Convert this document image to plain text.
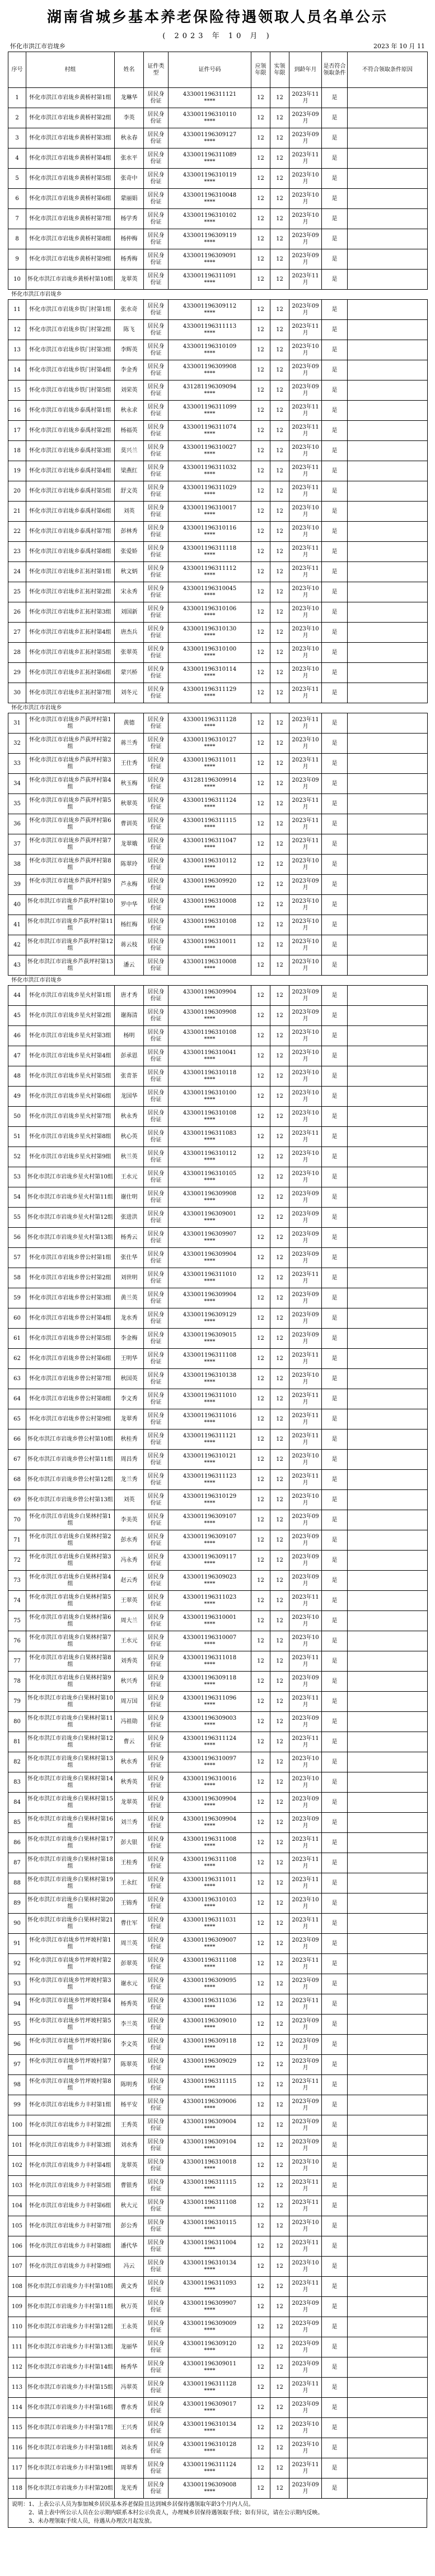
湖南省城乡基本养老保险待遇领取人员名单公示
( 2023 年 10 月 )
怀化市洪江市岩垅乡	2023 年 10 月 11
序号	村组	姓名	证件类型	证件号码	应领年限	实领年限	到龄年月	是否符合领取条件	不符合领取条件原因
1	怀化市洪江市岩垅乡黄桥村第1组	龙琳华	居民身份证	433001196311121
****	12	12	2023年11月	是	
2	怀化市洪江市岩垅乡黄桥村第2组	李英	居民身份证	433001196310110
****	12	12	2023年09月	是	
3	怀化市洪江市岩垅乡黄桥村第3组	秋永春	居民身份证	433001196309127
****	12	12	2023年09月	是	
4	怀化市洪江市岩垅乡黄桥村第4组	张水平	居民身份证	433001196311089
****	12	12	2023年11月	是	
5	怀化市洪江市岩垅乡黄桥村第5组	张奇中	居民身份证	433001196310119
****	12	12	2023年10月	是	
6	怀化市洪江市岩垅乡黄桥村第6组	蒙丽娟	居民身份证	433001196310048
****	12	12	2023年10月	是	
7	怀化市洪江市岩垅乡黄桥村第7组	杨学秀	居民身份证	433001196310102
****	12	12	2023年10月	是	
8	怀化市洪江市岩垅乡黄桥村第8组	杨仲梅	居民身份证	433001196309119
****	12	12	2023年09月	是	
9	怀化市洪江市岩垅乡黄桥村第9组	杨秀梅	居民身份证	433001196309091
****	12	12	2023年09月	是	
10	怀化市洪江市岩垅乡黄桥村第10组	龙翠英	居民身份证	433001196311091
****	12	12	2023年11月	是	
怀化市洪江市岩垅乡									
11	怀化市洪江市岩垅乡铁门村第1组	张水奇	居民身份证	433001196309112
****	12	12	2023年09月	是	
12	怀化市洪江市岩垅乡铁门村第2组	陈飞	居民身份证	433001196311113
****	12	12	2023年11月	是	
13	怀化市洪江市岩垅乡铁门村第3组	李辉英	居民身份证	433001196310109
****	12	12	2023年10月	是	
14	怀化市洪江市岩垅乡铁门村第4组	李金秀	居民身份证	433001196309908
****	12	12	2023年09月	是	
15	怀化市洪江市岩垅乡铁门村第5组	刘荣英	居民身份证	431281196309094
****	12	12	2023年09月	是	
16	怀化市洪江市岩垅乡泰禹村第1组	秋永求	居民身份证	433001196311099
****	12	12	2023年11月	是	
17	怀化市洪江市岩垅乡泰禹村第2组	杨福英	居民身份证	433001196311074
****	12	12	2023年11月	是	
18	怀化市洪江市岩垅乡泰禹村第3组	莫兴兰	居民身份证	433001196310027
****	12	12	2023年10月	是	
19	怀化市洪江市岩垅乡泰禹村第4组	梁燕红	居民身份证	433001196311032
****	12	12	2023年11月	是	
20	怀化市洪江市岩垅乡泰禹村第5组	舒文英	居民身份证	433001196311029
****	12	12	2023年11月	是	
21	怀化市洪江市岩垅乡泰禹村第6组	刘英	居民身份证	433001196310017
****	12	12	2023年10月	是	
22	怀化市洪江市岩垅乡泰禹村第7组	彭林秀	居民身份证	433001196310116
****	12	12	2023年10月	是	
23	怀化市洪江市岩垅乡泰禹村第8组	张爱娇	居民身份证	433001196311118
****	12	12	2023年11月	是	
24	怀化市洪江市岩垅乡汇拓村第1组	秋文炳	居民身份证	433001196311112
****	12	12	2023年11月	是	
25	怀化市洪江市岩垅乡汇拓村第2组	宋永秀	居民身份证	433001196310045
****	12	12	2023年10月	是	
26	怀化市洪江市岩垅乡汇拓村第3组	刘国新	居民身份证	433001196310106
****	12	12	2023年10月	是	
27	怀化市洪江市岩垅乡汇拓村第4组	唐杰兵	居民身份证	433001196310130
****	12	12	2023年10月	是	
28	怀化市洪江市岩垅乡汇拓村第5组	张翠英	居民身份证	433001196310100
****	12	12	2023年10月	是	
29	怀化市洪江市岩垅乡汇拓村第6组	蒙兴桥	居民身份证	433001196310114
****	12	12	2023年10月	是	
30	怀化市洪江市岩垅乡汇拓村第7组	刘冬元	居民身份证	433001196311129
****	12	12	2023年11月	是	
怀化市洪江市岩垅乡									
31	怀化市洪江市岩垅乡芦荻坪村第1组	黄德	居民身份证	433001196311128
****	12	12	2023年11月	是	
32	怀化市洪江市岩垅乡芦荻坪村第2组	蒋兰秀	居民身份证	433001196310127
****	12	12	2023年10月	是	
33	怀化市洪江市岩垅乡芦荻坪村第3组	王仕秀	居民身份证	433001196311011
****	12	12	2023年11月	是	
34	怀化市洪江市岩垅乡芦荻坪村第4组	秋玉梅	居民身份证	431281196309914
****	12	12	2023年09月	是	
35	怀化市洪江市岩垅乡芦荻坪村第5组	秋翠英	居民身份证	433001196311124
****	12	12	2023年11月	是	
36	怀化市洪江市岩垅乡芦荻坪村第6组	曹训英	居民身份证	433001196311115
****	12	12	2023年11月	是	
37	怀化市洪江市岩垅乡芦荻坪村第7组	龙翠娥	居民身份证	433001196311047
****	12	12	2023年11月	是	
38	怀化市洪江市岩垅乡芦荻坪村第8组	陈翠玲	居民身份证	433001196310112
****	12	12	2023年10月	是	
39	怀化市洪江市岩垅乡芦荻坪村第9组	芦永梅	居民身份证	433001196309920
****	12	12	2023年09月	是	
40	怀化市洪江市岩垅乡芦荻坪村第10组	罗中华	居民身份证	433001196310008
****	12	12	2023年10月	是	
41	怀化市洪江市岩垅乡芦荻坪村第11组	杨红梅	居民身份证	433001196310108
****	12	12	2023年10月	是	
42	怀化市洪江市岩垅乡芦荻坪村第12组	蒋云枝	居民身份证	433001196310011
****	12	12	2023年10月	是	
43	怀化市洪江市岩垅乡芦荻坪村第13组	潘云	居民身份证	433001196310008
****	12	12	2023年10月	是	
怀化市洪江市岩垅乡									
44	怀化市洪江市岩垅乡星火村第1组	唐才秀	居民身份证	433001196309904
****	12	12	2023年09月	是	
45	怀化市洪江市岩垅乡星火村第2组	谢海清	居民身份证	433001196309908
****	12	12	2023年09月	是	
46	怀化市洪江市岩垅乡星火村第3组	杨明	居民身份证	433001196310108
****	12	12	2023年10月	是	
47	怀化市洪江市岩垅乡星火村第4组	彭承恩	居民身份证	433001196310041
****	12	12	2023年10月	是	
48	怀化市洪江市岩垅乡星火村第5组	张青茶	居民身份证	433001196310118
****	12	12	2023年10月	是	
49	怀化市洪江市岩垅乡星火村第6组	龙国华	居民身份证	433001196310100
****	12	12	2023年10月	是	
50	怀化市洪江市岩垅乡星火村第7组	秋永秀	居民身份证	433001196310108
****	12	12	2023年10月	是	
51	怀化市洪江市岩垅乡星火村第8组	秋心英	居民身份证	433001196311083
****	12	12	2023年11月	是	
52	怀化市洪江市岩垅乡星火村第9组	秋兰英	居民身份证	433001196310112
****	12	12	2023年10月	是	
53	怀化市洪江市岩垅乡星火村第10组	王水元	居民身份证	433001196310105
****	12	12	2023年10月	是	
54	怀化市洪江市岩垅乡星火村第11组	谢仕明	居民身份证	433001196309908
****	12	12	2023年09月	是	
55	怀化市洪江市岩垅乡星火村第12组	张进洪	居民身份证	433001196309001
****	12	12	2023年09月	是	
56	怀化市洪江市岩垅乡星火村第13组	杨秀云	居民身份证	433001196309907
****	12	12	2023年09月	是	
57	怀化市洪江市岩垅乡曾公村第1组	张仕华	居民身份证	433001196309904
****	12	12	2023年09月	是	
58	怀化市洪江市岩垅乡曾公村第2组	刘世明	居民身份证	433001196311010
****	12	12	2023年11月	是	
59	怀化市洪江市岩垅乡曾公村第3组	黄兰英	居民身份证	433001196309904
****	12	12	2023年09月	是	
60	怀化市洪江市岩垅乡曾公村第4组	龙水秀	居民身份证	433001196309129
****	12	12	2023年09月	是	
61	怀化市洪江市岩垅乡曾公村第5组	李金梅	居民身份证	433001196309015
****	12	12	2023年09月	是	
62	怀化市洪江市岩垅乡曾公村第6组	王明华	居民身份证	433001196311108
****	12	12	2023年11月	是	
63	怀化市洪江市岩垅乡曾公村第7组	秋国英	居民身份证	433001196310138
****	12	12	2023年10月	是	
64	怀化市洪江市岩垅乡曾公村第8组	李文秀	居民身份证	433001196311010
****	12	12	2023年11月	是	
65	怀化市洪江市岩垅乡曾公村第9组	龙翠秀	居民身份证	433001196311016
****	12	12	2023年11月	是	
66	怀化市洪江市岩垅乡曾公村第10组	秋桂秀	居民身份证	433001196311121
****	12	12	2023年11月	是	
67	怀化市洪江市岩垅乡曾公村第11组	周昌秀	居民身份证	433001196310121
****	12	12	2023年10月	是	
68	怀化市洪江市岩垅乡曾公村第12组	龙兰秀	居民身份证	433001196311123
****	12	12	2023年11月	是	
69	怀化市洪江市岩垅乡曾公村第13组	刘英	居民身份证	433001196310129
****	12	12	2023年10月	是	
70	怀化市洪江市岩垅乡白果林村第1组	李美英	居民身份证	433001196309107
****	12	12	2023年09月	是	
71	怀化市洪江市岩垅乡白果林村第2组	彭水秀	居民身份证	433001196309107
****	12	12	2023年09月	是	
72	怀化市洪江市岩垅乡白果林村第3组	冯永秀	居民身份证	433001196309117
****	12	12	2023年09月	是	
73	怀化市洪江市岩垅乡白果林村第4组	赵云秀	居民身份证	433001196309023
****	12	12	2023年09月	是	
74	怀化市洪江市岩垅乡白果林村第5组	王翠英	居民身份证	433001196311023
****	12	12	2023年11月	是	
75	怀化市洪江市岩垅乡白果林村第6组	周大兰	居民身份证	433001196310001
****	12	12	2023年10月	是	
76	怀化市洪江市岩垅乡白果林村第7组	王水元	居民身份证	433001196310007
****	12	12	2023年10月	是	
77	怀化市洪江市岩垅乡白果林村第8组	刘秀英	居民身份证	433001196311018
****	12	12	2023年11月	是	
78	怀化市洪江市岩垅乡白果林村第9组	秋兴秀	居民身份证	433001196309118
****	12	12	2023年09月	是	
79	怀化市洪江市岩垅乡白果林村第10组	周万国	居民身份证	433001196311096
****	12	12	2023年11月	是	
80	怀化市洪江市岩垅乡白果林村第11组	冯祖勋	居民身份证	433001196309003
****	12	12	2023年09月	是	
81	怀化市洪江市岩垅乡白果林村第12组	曹云	居民身份证	433001196311124
****	12	12	2023年11月	是	
82	怀化市洪江市岩垅乡白果林村第13组	秋水秀	居民身份证	433001196310097
****	12	12	2023年10月	是	
83	怀化市洪江市岩垅乡白果林村第14组	秋秀英	居民身份证	433001196310016
****	12	12	2023年10月	是	
84	怀化市洪江市岩垅乡白果林村第15组	龙翠英	居民身份证	433001196309904
****	12	12	2023年09月	是	
85	怀化市洪江市岩垅乡白果林村第16组	刘兰秀	居民身份证	433001196309904
****	12	12	2023年09月	是	
86	怀化市洪江市岩垅乡白果林村第17组	彭大银	居民身份证	433001196311008
****	12	12	2023年11月	是	
87	怀化市洪江市岩垅乡白果林村第18组	王桂秀	居民身份证	433001196311108
****	12	12	2023年11月	是	
88	怀化市洪江市岩垅乡白果林村第19组	王永红	居民身份证	433001196311011
****	12	12	2023年11月	是	
89	怀化市洪江市岩垅乡白果林村第20组	王锦秀	居民身份证	433001196310103
****	12	12	2023年10月	是	
90	怀化市洪江市岩垅乡白果林村第21组	曹仕军	居民身份证	433001196311031
****	12	12	2023年11月	是	
91	怀化市洪江市岩垅乡竹坪坡村第1组	周兰英	居民身份证	433001196309007
****	12	12	2023年09月	是	
92	怀化市洪江市岩垅乡竹坪坡村第2组	彭翠英	居民身份证	433001196311108
****	12	12	2023年11月	是	
93	怀化市洪江市岩垅乡竹坪坡村第3组	谢水元	居民身份证	433001196309095
****	12	12	2023年09月	是	
94	怀化市洪江市岩垅乡竹坪坡村第4组	杨秀英	居民身份证	433001196311036
****	12	12	2023年11月	是	
95	怀化市洪江市岩垅乡竹坪坡村第5组	李兰英	居民身份证	433001196309010
****	12	12	2023年09月	是	
96	怀化市洪江市岩垅乡竹坪坡村第6组	李文英	居民身份证	433001196309118
****	12	12	2023年09月	是	
97	怀化市洪江市岩垅乡竹坪坡村第7组	陈翠英	居民身份证	433001196309029
****	12	12	2023年09月	是	
98	怀化市洪江市岩垅乡竹坪坡村第8组	陈明秀	居民身份证	433001196311115
****	12	12	2023年11月	是	
99	怀化市洪江市岩垅乡力丰村第1组	杨平安	居民身份证	433001196309006
****	12	12	2023年09月	是	
100	怀化市洪江市岩垅乡力丰村第2组	王秀英	居民身份证	433001196309004
****	12	12	2023年09月	是	
101	怀化市洪江市岩垅乡力丰村第3组	刘水秀	居民身份证	433001196309104
****	12	12	2023年09月	是	
102	怀化市洪江市岩垅乡力丰村第4组	龙翠英	居民身份证	433001196310018
****	12	12	2023年10月	是	
103	怀化市洪江市岩垅乡力丰村第5组	曹银秀	居民身份证	433001196311115
****	12	12	2023年11月	是	
104	怀化市洪江市岩垅乡力丰村第6组	秋大元	居民身份证	433001196311108
****	12	12	2023年11月	是	
105	怀化市洪江市岩垅乡力丰村第7组	彭公秀	居民身份证	433001196310115
****	12	12	2023年10月	是	
106	怀化市洪江市岩垅乡力丰村第8组	潘代华	居民身份证	433001196311004
****	12	12	2023年11月	是	
107	怀化市洪江市岩垅乡力丰村第9组	冯云	居民身份证	433001196310134
****	12	12	2023年10月	是	
108	怀化市洪江市岩垅乡力丰村第10组	黄文秀	居民身份证	433001196311093
****	12	12	2023年11月	是	
109	怀化市洪江市岩垅乡力丰村第11组	秋万英	居民身份证	433001196309907
****	12	12	2023年09月	是	
110	怀化市洪江市岩垅乡力丰村第12组	王永英	居民身份证	433001196309009
****	12	12	2023年09月	是	
111	怀化市洪江市岩垅乡力丰村第13组	龙丽华	居民身份证	433001196309120
****	12	12	2023年09月	是	
112	怀化市洪江市岩垅乡力丰村第14组	杨秀华	居民身份证	433001196309011
****	12	12	2023年09月	是	
113	怀化市洪江市岩垅乡力丰村第15组	冯翠英	居民身份证	433001196311128
****	12	12	2023年11月	是	
114	怀化市洪江市岩垅乡力丰村第16组	曹水秀	居民身份证	433001196309017
****	12	12	2023年09月	是	
115	怀化市洪江市岩垅乡力丰村第17组	王兴秀	居民身份证	433001196310134
****	12	12	2023年10月	是	
116	怀化市洪江市岩垅乡力丰村第18组	刘永秀	居民身份证	433001196310128
****	12	12	2023年10月	是	
117	怀化市洪江市岩垅乡力丰村第19组	周翠秀	居民身份证	433001196311124
****	12	12	2023年11月	是	
118	怀化市洪江市岩垅乡力丰村第20组	龙光秀	居民身份证	433001196309008
****	12	12	2023年09月	是	
说明：1、上表公示人员为参加城乡居民基本养老保险且达到城乡居保待遇领取年龄3个月内人员。
2、请上表中所公示人员在公示期内联系本村公示负责人，办理城乡居保待遇领取手续；如有异议，请在公示期内反映。
3、未办理领取手续人员，待遇从办理次月起发放。
